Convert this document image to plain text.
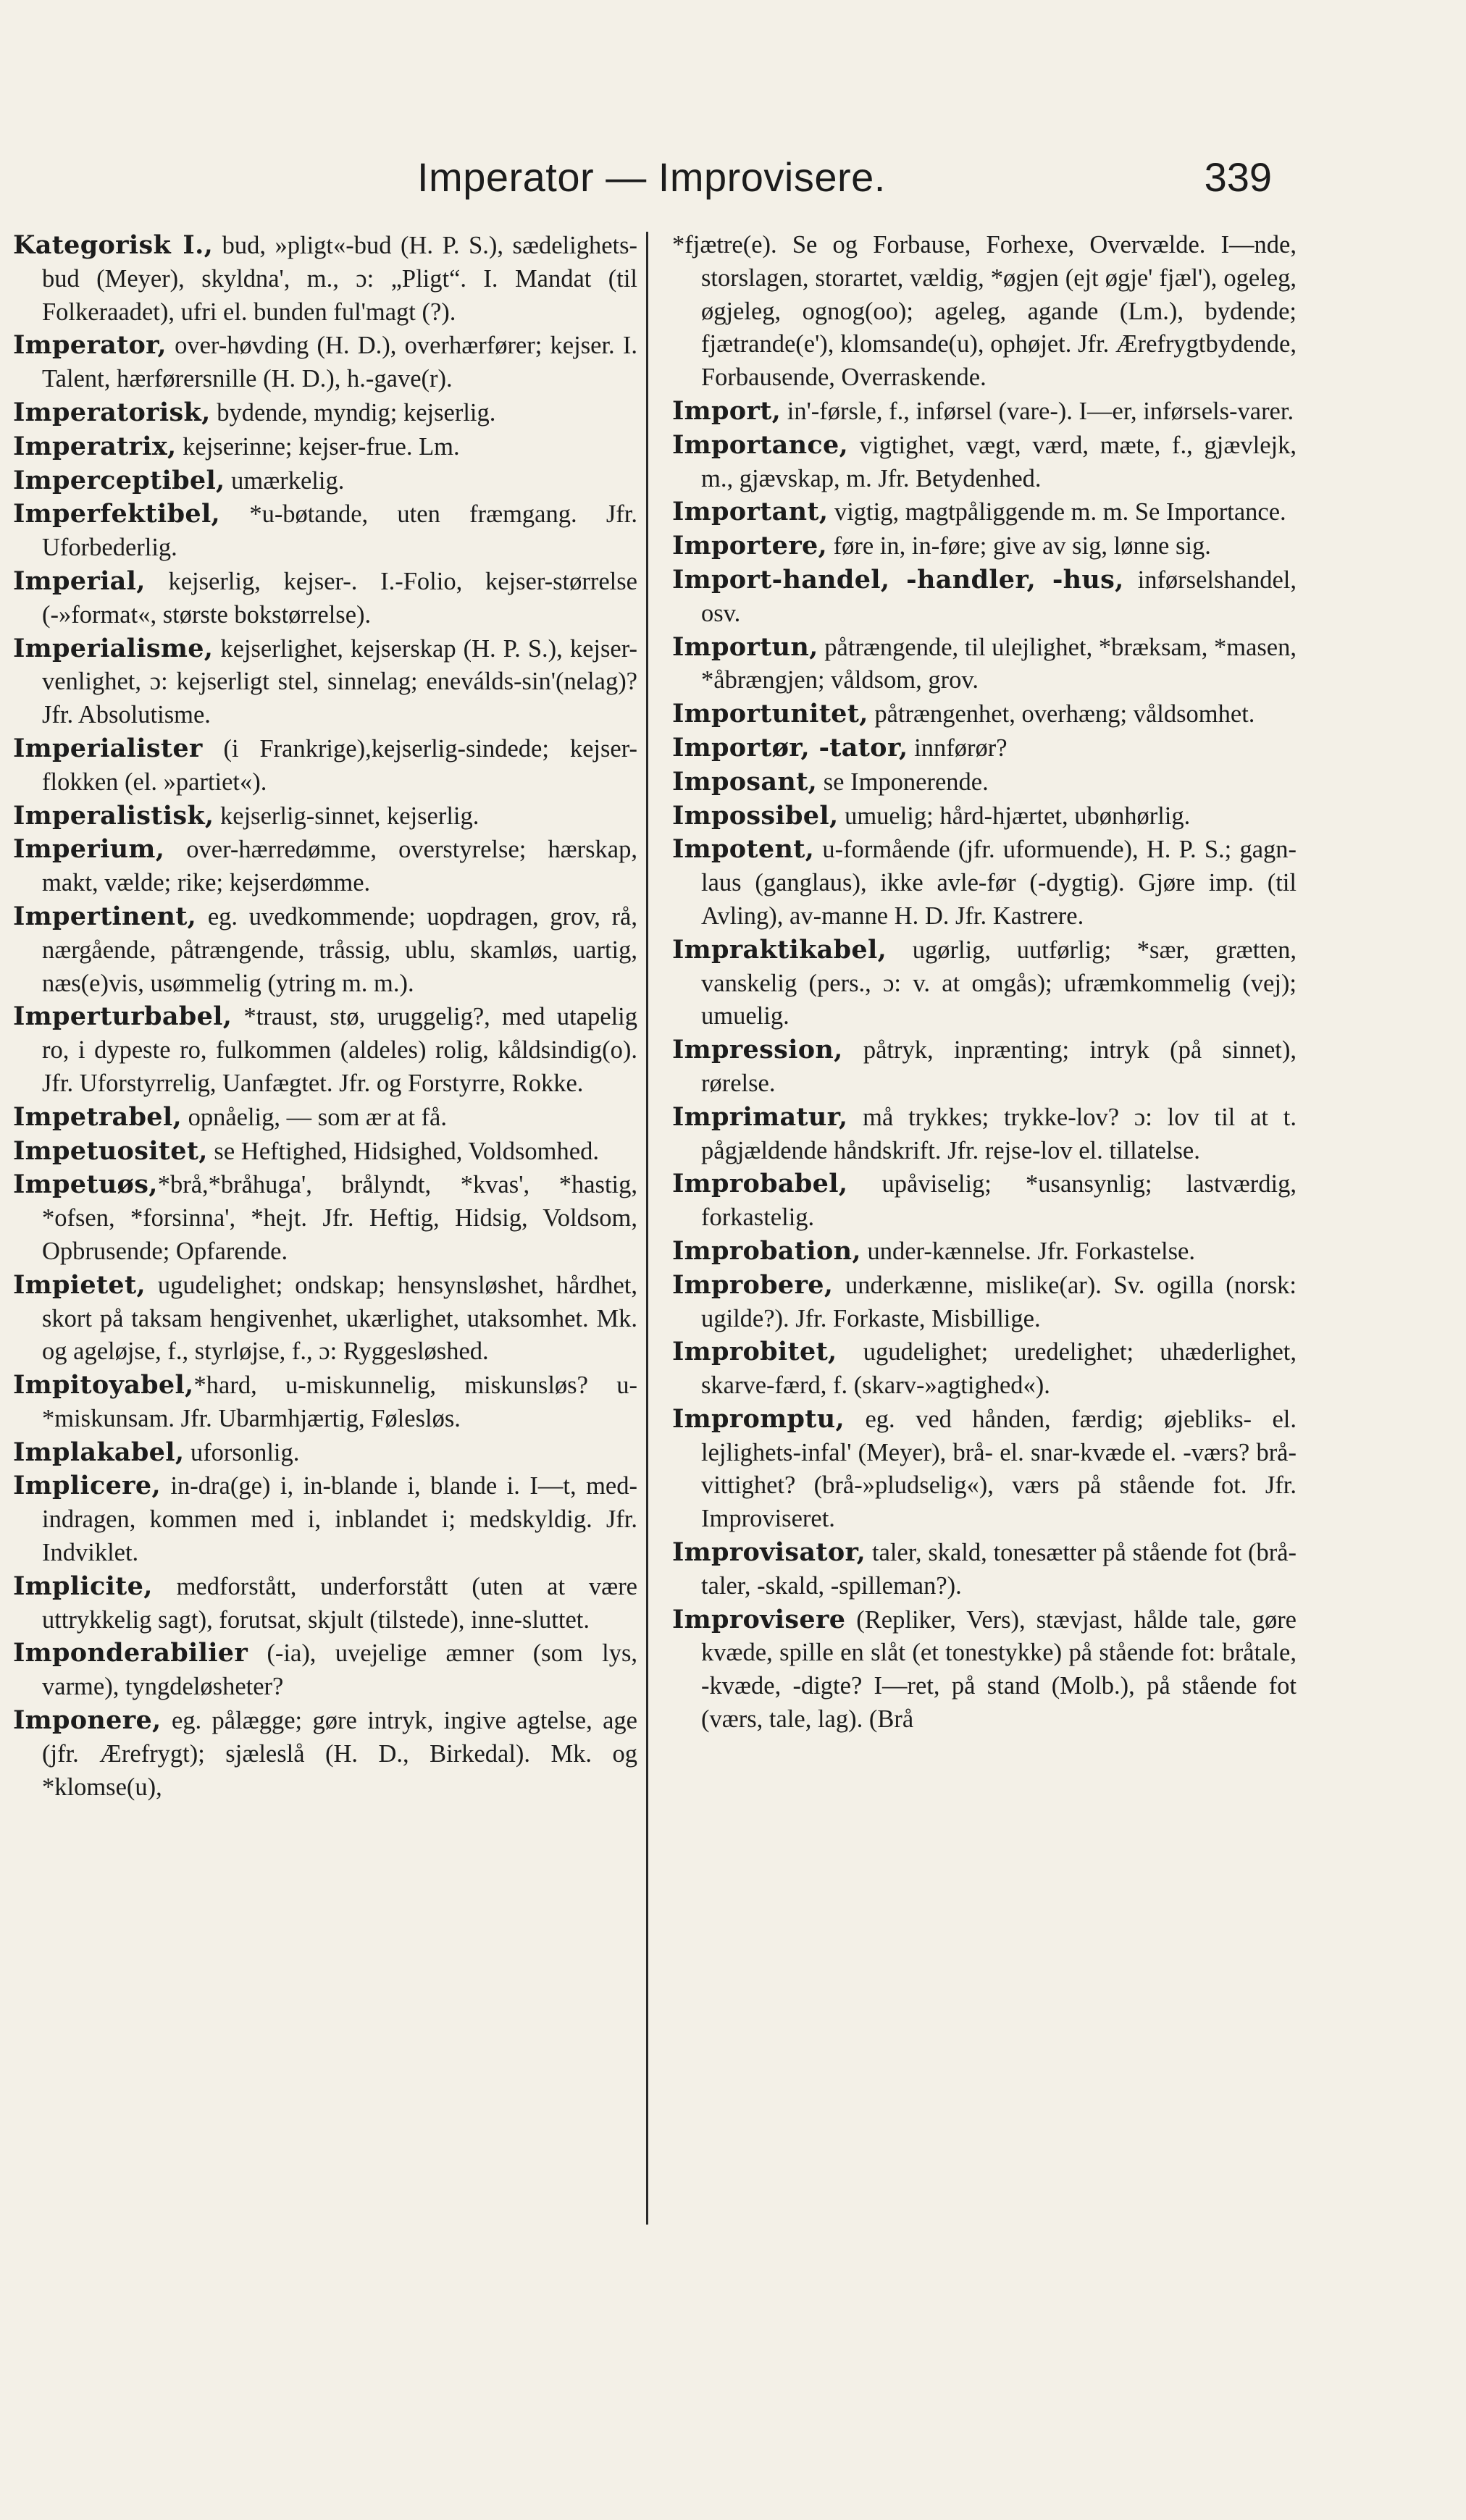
Imperator — Improvisere.	339

Kategorisk I., bud, »pligt«-bud (H. P. S.), sædelighets-bud (Meyer), skyldna', m., ɔ: „Pligt“. I. Mandat (til Folkeraadet), ufri el. bunden ful'magt (?).

Imperator, over-høvding (H. D.), overhærfører; kejser. I. Talent, hærførersnille (H. D.), h.-gave(r).

Imperatorisk, bydende, myndig; kejserlig.

Imperatrix, kejserinne; kejser-frue. Lm.

Imperceptibel, umærkelig.

Imperfektibel, *u-bøtande, uten fræmgang. Jfr. Uforbederlig.

Imperial, kejserlig, kejser-. I.-Folio, kejser-størrelse (-»format«, største bokstørrelse).

Imperialisme, kejserlighet, kejserskap (H. P. S.), kejser-venlighet, ɔ: kejserligt stel, sinnelag; eneválds-sin'(nelag)? Jfr. Absolutisme.

Imperialister (i Frankrige),kejserlig-sindede; kejser-flokken (el. »partiet«).

Imperalistisk, kejserlig-sinnet, kejserlig.

Imperium, over-hærredømme, overstyrelse; hærskap, makt, vælde; rike; kejserdømme.

Impertinent, eg. uvedkommende; uopdragen, grov, rå, nærgående, påtrængende, tråssig, ublu, skamløs, uartig, næs(e)vis, usømmelig (ytring m. m.).

Imperturbabel, *traust, stø, uruggelig?, med utapelig ro, i dypeste ro, fulkommen (aldeles) rolig, kåldsindig(o). Jfr. Uforstyrrelig, Uanfægtet. Jfr. og Forstyrre, Rokke.

Impetrabel, opnåelig, — som ær at få.

Impetuositet, se Heftighed, Hidsighed, Voldsomhed.

Impetuøs,*brå,*bråhuga', brålyndt, *kvas', *hastig, *ofsen, *forsinna', *hejt. Jfr. Heftig, Hidsig, Voldsom, Opbrusende; Opfarende.

Impietet, ugudelighet; ondskap; hensynsløshet, hårdhet, skort på taksam hengivenhet, ukærlighet, utaksomhet. Mk. og ageløjse, f., styrløjse, f., ɔ: Ryggesløshed.

Impitoyabel,*hard, u-miskunnelig, miskunsløs? u-*miskunsam. Jfr. Ubarmhjærtig, Følesløs.

Implakabel, uforsonlig.

Implicere, in-dra(ge) i, in-blande i, blande i. I—t, med-indragen, kommen med i, inblandet i; medskyldig. Jfr. Indviklet.

Implicite, medforstått, underforstått (uten at være uttrykkelig sagt), forutsat, skjult (tilstede), inne-sluttet.

Imponderabilier (-ia), uvejelige æmner (som lys, varme), tyngdeløsheter?

Imponere, eg. pålægge; gøre intryk, ingive agtelse, age (jfr. Ærefrygt); sjæleslå (H. D., Birkedal). Mk. og *klomse(u),

*fjætre(e). Se og Forbause, Forhexe, Overvælde. I—nde, storslagen, storartet, vældig, *øgjen (ejt øgje' fjæl'), ogeleg, øgjeleg, ognog(oo); ageleg, agande (Lm.), bydende; fjætrande(e'), klomsande(u), ophøjet. Jfr. Ærefrygtbydende, Forbausende, Overraskende.

Import, in'-førsle, f., inførsel (vare-). I—er, inførsels-varer.

Importance, vigtighet, vægt, værd, mæte, f., gjævlejk, m., gjævskap, m. Jfr. Betydenhed.

Important, vigtig, magtpåliggende m. m. Se Importance.

Importere, føre in, in-føre; give av sig, lønne sig.

Import-handel, -handler, -hus, inførselshandel, osv.

Importun, påtrængende, til ulejlighet, *bræksam, *masen, *åbrængjen; våldsom, grov.

Importunitet, påtrængenhet, overhæng; våldsomhet.

Importør, -tator, innførør?

Imposant, se Imponerende.

Impossibel, umuelig; hård-hjærtet, ubønhørlig.

Impotent, u-formående (jfr. uformuende), H. P. S.; gagn-laus (ganglaus), ikke avle-før (-dygtig). Gjøre imp. (til Avling), av-manne H. D. Jfr. Kastrere.

Impraktikabel, ugørlig, uutførlig; *sær, grætten, vanskelig (pers., ɔ: v. at omgås); ufræmkommelig (vej); umuelig.

Impression, påtryk, inprænting; intryk (på sinnet), rørelse.

Imprimatur, må trykkes; trykke-lov? ɔ: lov til at t. pågjældende håndskrift. Jfr. rejse-lov el. tillatelse.

Improbabel, upåviselig; *usansynlig; lastværdig, forkastelig.

Improbation, under-kænnelse. Jfr. Forkastelse.

Improbere, underkænne, mislike(ar). Sv. ogilla (norsk: ugilde?). Jfr. Forkaste, Misbillige.

Improbitet, ugudelighet; uredelighet; uhæderlighet, skarve-færd, f. (skarv-»agtighed«).

Impromptu, eg. ved hånden, færdig; øjebliks- el. lejlighets-infal' (Meyer), brå- el. snar-kvæde el. -værs? brå-vittighet? (brå-»pludselig«), værs på stående fot. Jfr. Improviseret.

Improvisator, taler, skald, tonesætter på stående fot (brå-taler, -skald, -spilleman?).

Improvisere (Repliker, Vers), stævjast, hålde tale, gøre kvæde, spille en slåt (et tonestykke) på stående fot: bråtale, -kvæde, -digte? I—ret, på stand (Molb.), på stående fot (værs, tale, lag). (Brå
